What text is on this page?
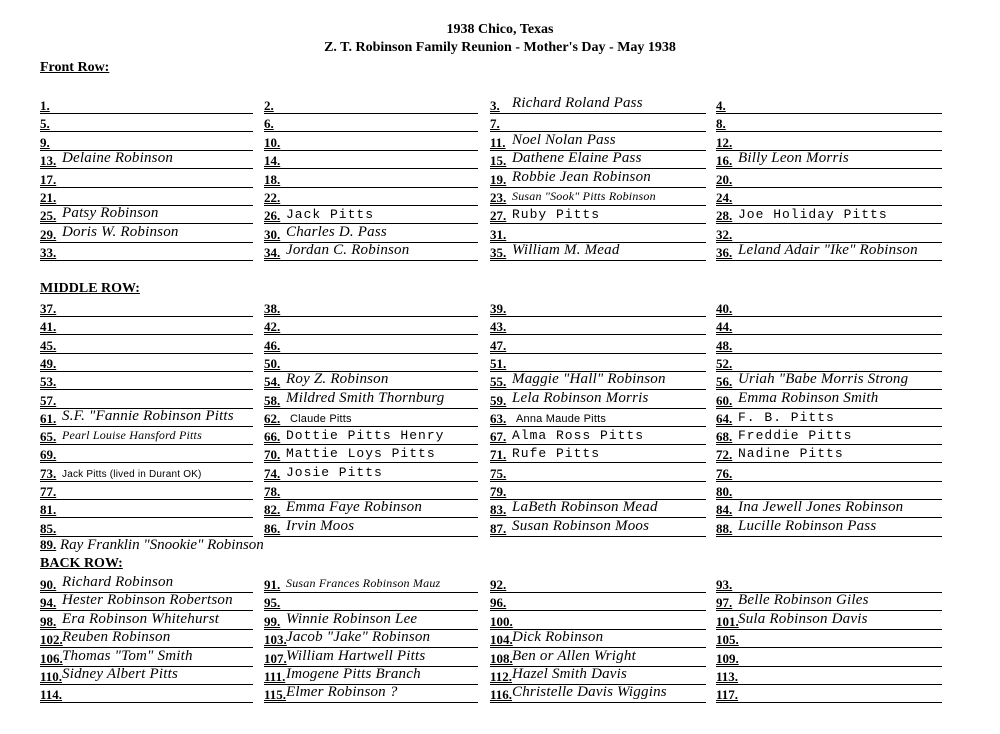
1938 Chico, Texas
Z. T. Robinson Family Reunion - Mother's Day - May 1938
Front Row:
1.	2.	3. Richard Roland Pass	4.
5.	6.	7.	8.
9.	10.	11. Noel Nolan Pass	12.
13. Delaine Robinson	14.	15. Dathene Elaine Pass	16. Billy Leon Morris
17.	18.	19. Robbie Jean Robinson	20.
21.	22.	23. Susan "Sook" Pitts Robinson	24.
25. Patsy Robinson	26. Jack Pitts	27. Ruby Pitts	28. Joe Holiday Pitts
29. Doris W. Robinson	30. Charles D. Pass	31.	32.
33.	34. Jordan C. Robinson	35. William M. Mead	36. Leland Adair "Ike" Robinson
MIDDLE ROW:
37.	38.	39.	40.
41.	42.	43.	44.
45.	46.	47.	48.
49.	50.	51.	52.
53.	54. Roy Z. Robinson	55. Maggie "Hall" Robinson	56. Uriah "Babe Morris Strong
57.	58. Mildred Smith Thornburg	59. Lela Robinson Morris	60. Emma Robinson Smith
61. S.F. "Fannie Robinson Pitts 62. Claude Pitts	63. Anna Maude Pitts	64. F. B. Pitts
65. Pearl Louise Hansford Pitts	66. Dottie Pitts Henry	67. Alma Ross Pitts	68. Freddie Pitts
69.	70. Mattie Loys Pitts	71. Rufe Pitts	72. Nadine Pitts
73. Jack Pitts (lived in Durant OK)	74. Josie Pitts	75.	76.
77.	78.	79.	80.
81.	82. Emma Faye Robinson	83. LaBeth Robinson Mead	84. Ina Jewell Jones Robinson
85.	86. Irvin Moos	87. Susan Robinson Moos	88. Lucille Robinson Pass
89. Ray Franklin "Snookie" Robinson
BACK ROW:
90. Richard Robinson	91. Susan Frances Robinson Mauz	92.	93.
94. Hester Robinson Robertson 95.	96.	97. Belle Robinson Giles
98. Era Robinson Whitehurst	99. Winnie Robinson Lee	100.	101. Sula Robinson Davis
102. Reuben Robinson	103. Jacob "Jake" Robinson	104. Dick Robinson	105.
106. Thomas "Tom" Smith	107. William Hartwell Pitts	108. Ben or Allen Wright	109.
110. Sidney Albert Pitts	111. Imogene Pitts Branch	112. Hazel Smith Davis	113.
114.	115. Elmer Robinson ?	116. Christelle Davis Wiggins	117.
